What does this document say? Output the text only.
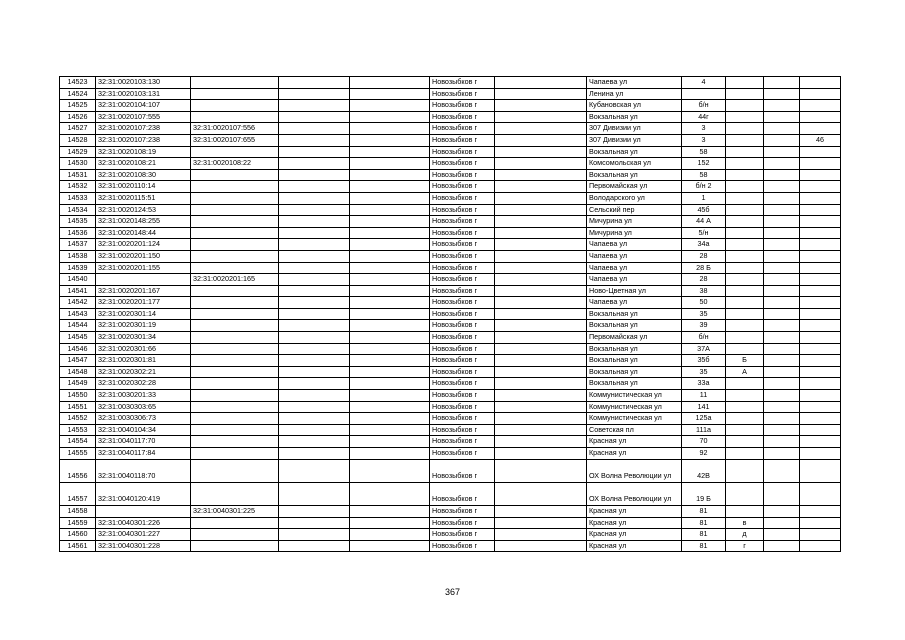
14523	32:31:0020103:130				Новозыбков г		Чапаева ул	4			
14524	32:31:0020103:131				Новозыбков г		Ленина ул				
14525	32:31:0020104:107				Новозыбков г		Кубановская ул	б/н			
14526	32:31:0020107:555				Новозыбков г		Вокзальная ул	44г			
14527	32:31:0020107:238	32:31:0020107:556			Новозыбков г		307 Дивизии ул	3			
14528	32:31:0020107:238	32:31:0020107:655			Новозыбков г		307 Дивизии ул	3			46
14529	32:31:0020108:19				Новозыбков г		Вокзальная ул	58			
14530	32:31:0020108:21	32:31:0020108:22			Новозыбков г		Комсомольская ул	152			
14531	32:31:0020108:30				Новозыбков г		Вокзальная ул	58			
14532	32:31:0020110:14				Новозыбков г		Первомайская ул	б/н 2			
14533	32:31:0020115:51				Новозыбков г		Володарского ул	1			
14534	32:31:0020124:53				Новозыбков г		Сельский пер	45б			
14535	32:31:0020148:255				Новозыбков г		Мичурина ул	44 А			
14536	32:31:0020148:44				Новозыбков г		Мичурина ул	5/н			
14537	32:31:0020201:124				Новозыбков г		Чапаева ул	34а			
14538	32:31:0020201:150				Новозыбков г		Чапаева ул	28			
14539	32:31:0020201:155				Новозыбков г		Чапаева ул	28 Б			
14540		32:31:0020201:165			Новозыбков г		Чапаева ул	28			
14541	32:31:0020201:167				Новозыбков г		Ново-Цветная ул	38			
14542	32:31:0020201:177				Новозыбков г		Чапаева ул	50			
14543	32:31:0020301:14				Новозыбков г		Вокзальная ул	35			
14544	32:31:0020301:19				Новозыбков г		Вокзальная ул	39			
14545	32:31:0020301:34				Новозыбков г		Первомайская ул	б/н			
14546	32:31:0020301:66				Новозыбков г		Вокзальная ул	37А			
14547	32:31:0020301:81				Новозыбков г		Вокзальная ул	35б	Б		
14548	32:31:0020302:21				Новозыбков г		Вокзальная ул	35	А		
14549	32:31:0020302:28				Новозыбков г		Вокзальная ул	33а			
14550	32:31:0030201:33				Новозыбков г		Коммунистическая ул	11			
14551	32:31:0030303:65				Новозыбков г		Коммунистическая ул	141			
14552	32:31:0030306:73				Новозыбков г		Коммунистическая ул	125а			
14553	32:31:0040104:34				Новозыбков г		Советская пл	111а			
14554	32:31:0040117:70				Новозыбков г		Красная ул	70			
14555	32:31:0040117:84				Новозыбков г		Красная ул	92			
14556	32:31:0040118:70				Новозыбков г		ОХ Волна Революции ул	42В			
14557	32:31:0040120:419				Новозыбков г		ОХ Волна Революции ул	19 Б			
14558		32:31:0040301:225			Новозыбков г		Красная ул	81			
14559	32:31:0040301:226				Новозыбков г		Красная ул	81	в		
14560	32:31:0040301:227				Новозыбков г		Красная ул	81	д		
14561	32:31:0040301:228				Новозыбков г		Красная ул	81	г		
367
